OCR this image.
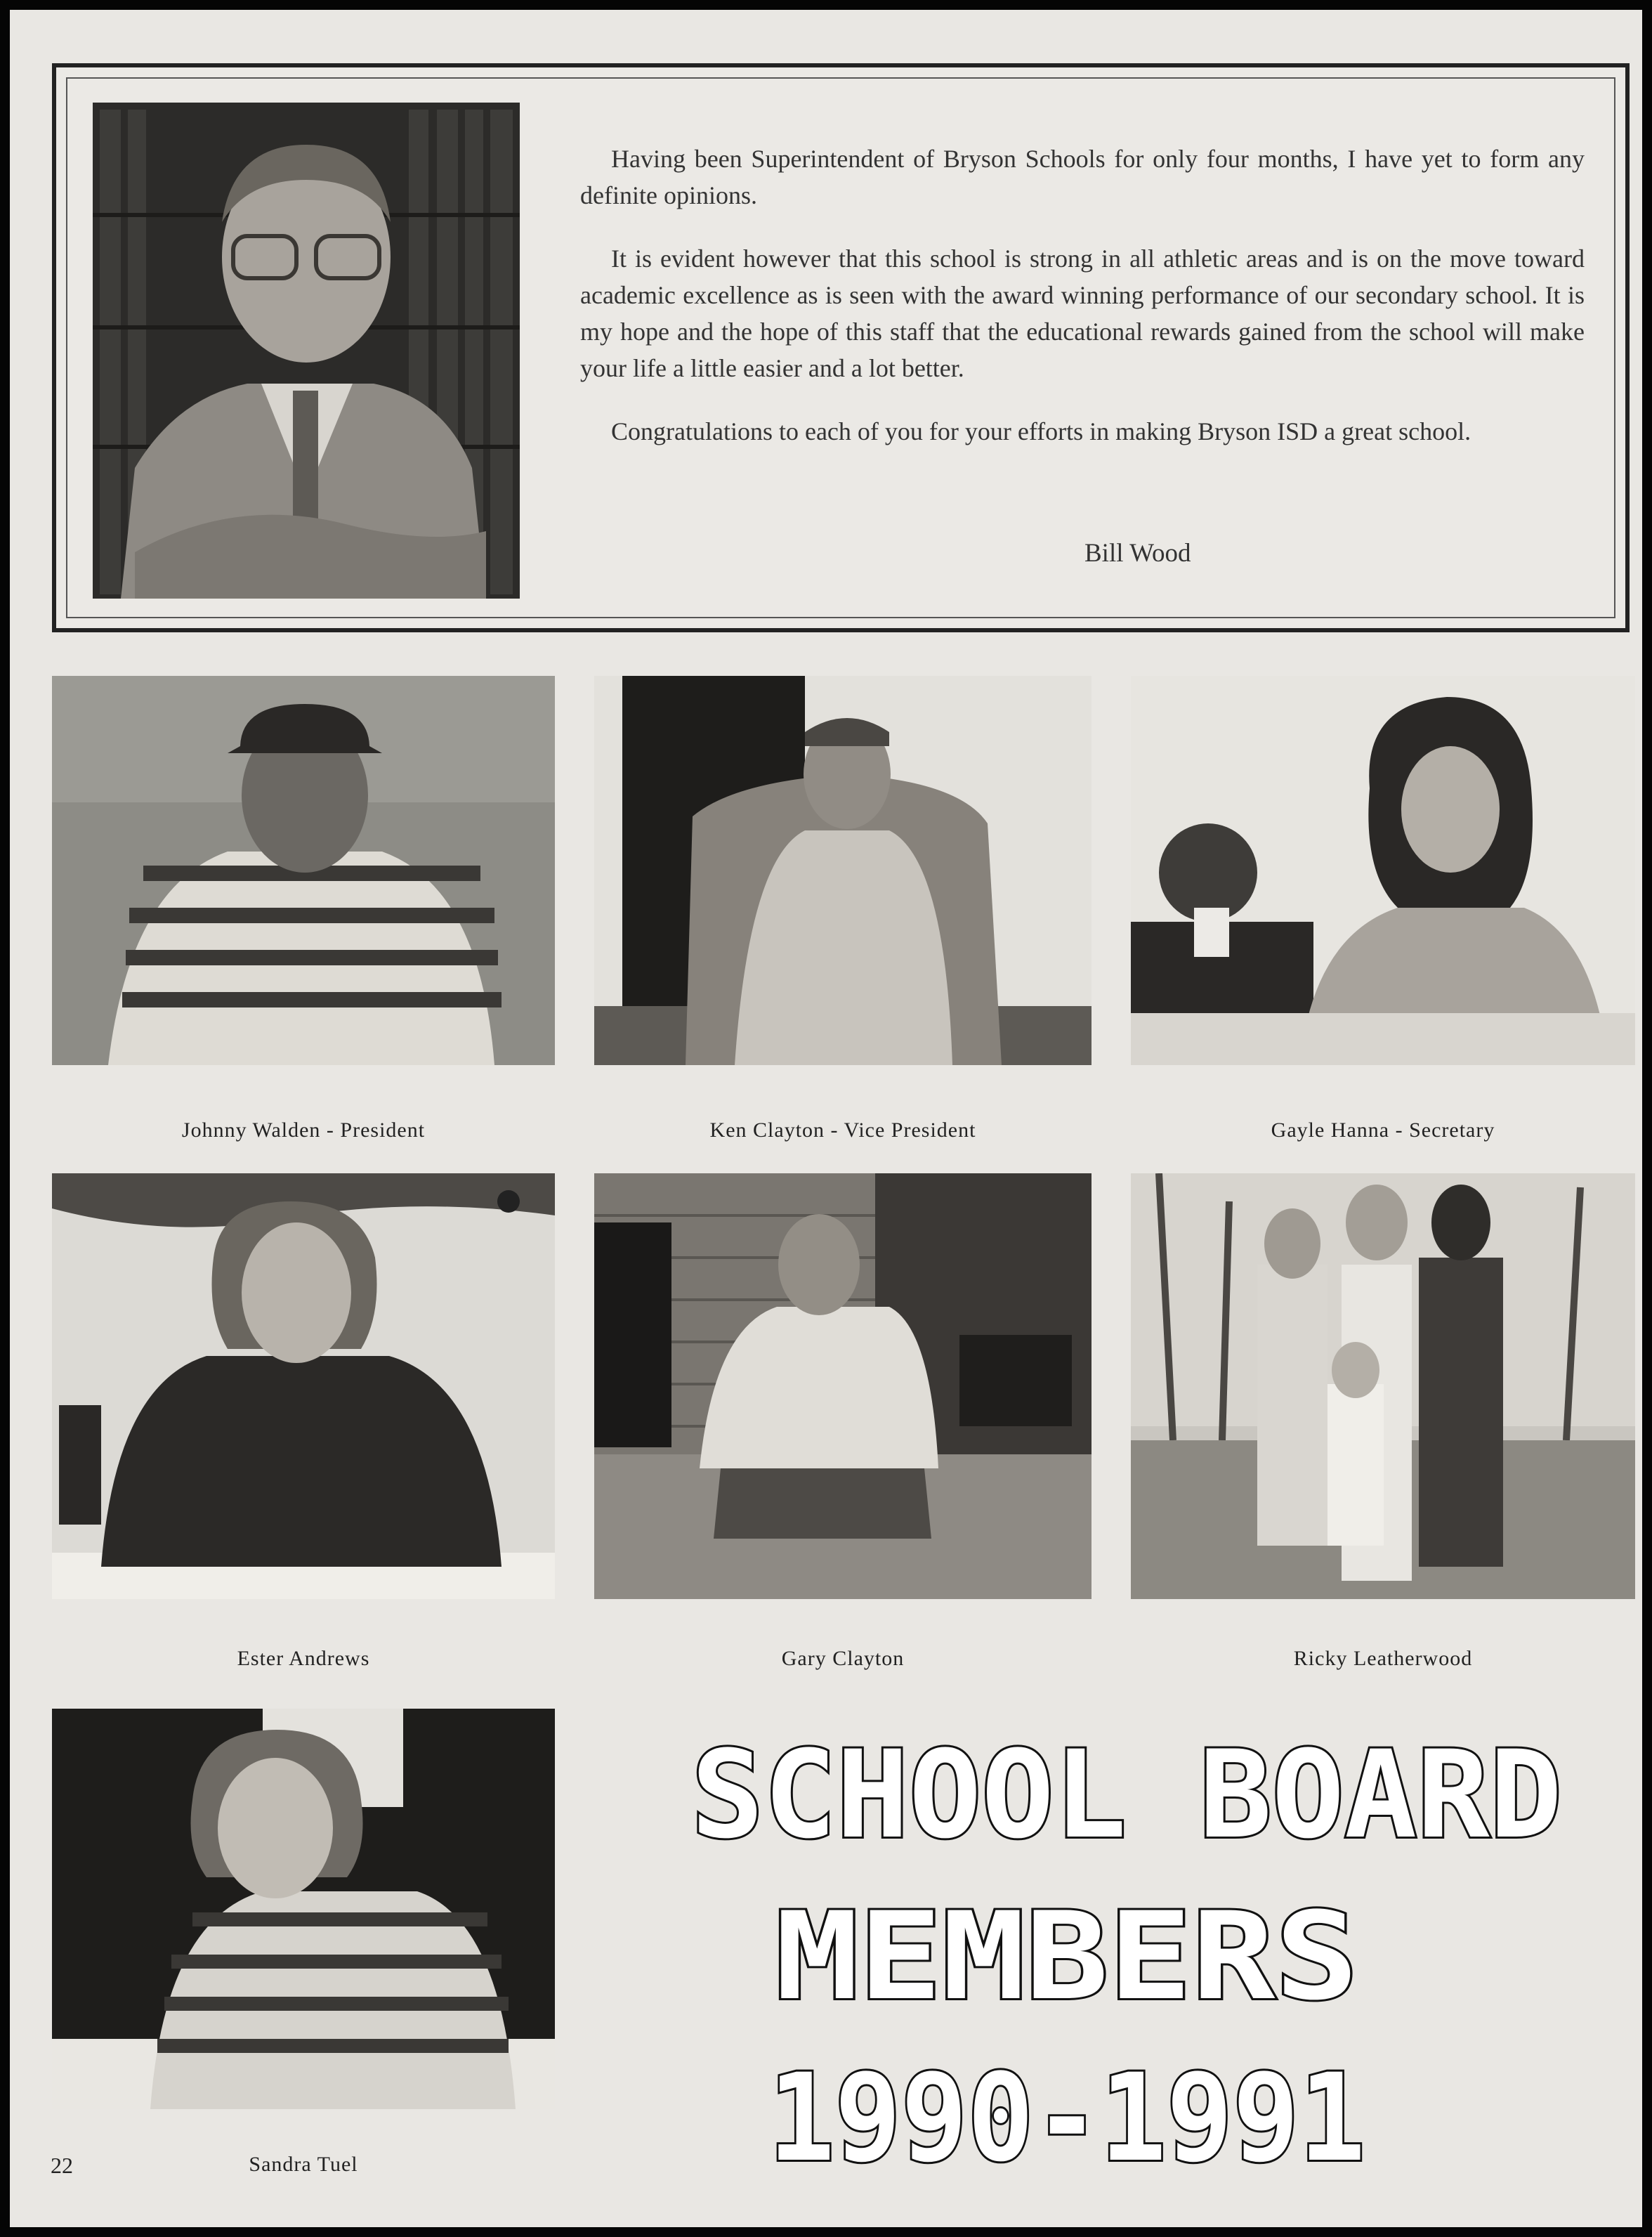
Having been Superintendent of Bryson Schools for only four months, I have yet to form any definite opinions.

It is evident however that this school is strong in all athletic areas and is on the move toward academic excellence as is seen with the award winning performance of our secondary school. It is my hope and the hope of this staff that the educational rewards gained from the school will make your life a little easier and a lot better.

Congratulations to each of you for your efforts in making Bryson ISD a great school.

Bill Wood
Johnny Walden - President	Ken Clayton - Vice President	Gayle Hanna - Secretary
Ester Andrews	Gary Clayton	Ricky Leatherwood
Sandra Tuel
22
SCHOOL BOARD
MEMBERS
1990-1991
